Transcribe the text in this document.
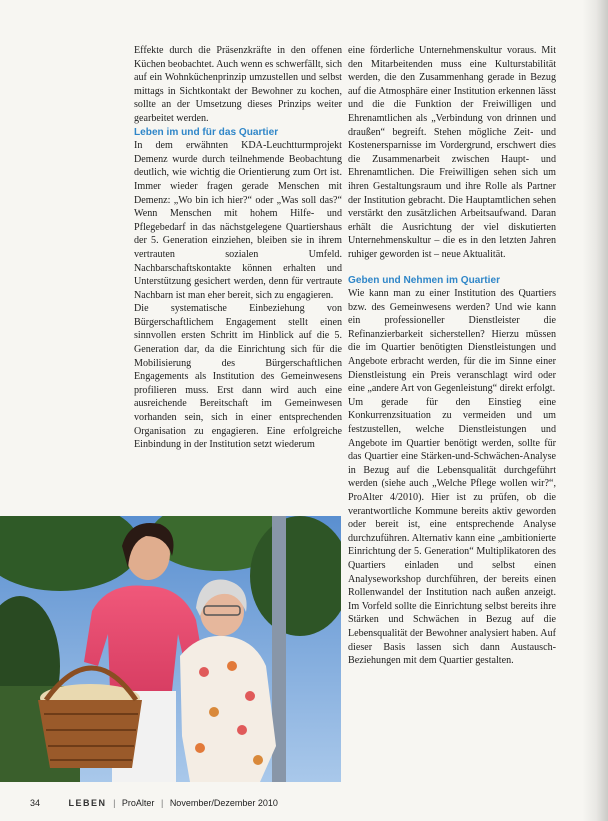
Effekte durch die Präsenzkräfte in den offenen Küchen beobachtet. Auch wenn es schwerfällt, sich auf ein Wohnküchenprinzip umzustellen und selbst mittags in Sichtkontakt der Bewohner zu kochen, sollte an der Umsetzung dieses Prinzips weiter gearbeitet werden.

Leben im und für das Quartier

In dem erwähnten KDA-Leuchtturmprojekt Demenz wurde durch teilnehmende Beobachtung deutlich, wie wichtig die Orientierung zum Ort ist. Immer wieder fragen gerade Menschen mit Demenz: „Wo bin ich hier?“ oder „Was soll das?“ Wenn Menschen mit hohem Hilfe- und Pflegebedarf in das nächstgelegene Quartiershaus der 5. Generation einziehen, bleiben sie in ihrem vertrauten sozialen Umfeld. Nachbarschaftskontakte können erhalten und Unterstützung gesichert werden, denn für vertraute Nachbarn ist man eher bereit, sich zu engagieren.

Die systematische Einbeziehung von Bürgerschaftlichem Engagement stellt einen sinnvollen ersten Schritt im Hinblick auf die 5. Generation dar, da die Einrichtung sich für die Mobilisierung des Bürgerschaftlichen Engagements als Institution des Gemeinwesens profilieren muss. Erst dann wird auch eine ausreichende Bereitschaft im Gemeinwesen vorhanden sein, sich in einer entsprechenden Organisation zu engagieren. Eine erfolgreiche Einbindung in der Institution setzt wiederum

eine förderliche Unternehmenskultur voraus. Mit den Mitarbeitenden muss eine Kulturstabilität werden, die den Zusammenhang gerade in Bezug auf die Atmosphäre einer Institution erkennen lässt und die die Funktion der Freiwilligen und Ehrenamtlichen als „Verbindung von drinnen und draußen“ begreift. Stehen mögliche Zeit- und Kostenersparnisse im Vordergrund, erschwert dies die Zusammenarbeit zwischen Haupt- und Ehrenamtlichen. Die Freiwilligen sehen sich um ihren Gestaltungsraum und ihre Rolle als Partner der Institution gebracht. Die Hauptamtlichen sehen verstärkt den zusätzlichen Arbeitsaufwand. Daran erhält die Ausrichtung der viel diskutierten Unternehmenskultur – die es in den letzten Jahren ruhiger geworden ist – neue Aktualität.

Geben und Nehmen im Quartier

Wie kann man zu einer Institution des Quartiers bzw. des Gemeinwesens werden? Und wie kann ein professioneller Dienstleister die Refinanzierbarkeit sicherstellen? Hierzu müssen die im Quartier benötigten Dienstleistungen und Angebote erbracht werden, für die im Sinne einer Dienstleistung ein Preis veranschlagt wird oder eine „andere Art von Gegenleistung“ direkt erfolgt.

Um gerade für den Einstieg eine Konkurrenzsituation zu vermeiden und um festzustellen, welche Dienstleistungen und Angebote im Quartier benötigt werden, sollte für das Quartier eine Stärken-und-Schwächen-Analyse in Bezug auf die Lebensqualität durchgeführt werden (siehe auch „Welche Pflege wollen wir?“, ProAlter 4/2010). Hier ist zu prüfen, ob die verantwortliche Kommune bereits aktiv geworden oder bereit ist, eine entsprechende Analyse durchzuführen. Alternativ kann eine „ambitionierte Einrichtung der 5. Generation“ Multiplikatoren des Quartiers einladen und selbst einen Analyseworkshop durchführen, der bereits einen Rollenwandel der Institution nach außen anzeigt. Im Vorfeld sollte die Einrichtung selbst bereits ihre Stärken und Schwächen in Bezug auf die Lebensqualität der Bewohner analysiert haben. Auf dieser Basis lassen sich dann Austausch-Beziehungen mit dem Quartier gestalten.

34	LEBEN | ProAlter | November/Dezember 2010
